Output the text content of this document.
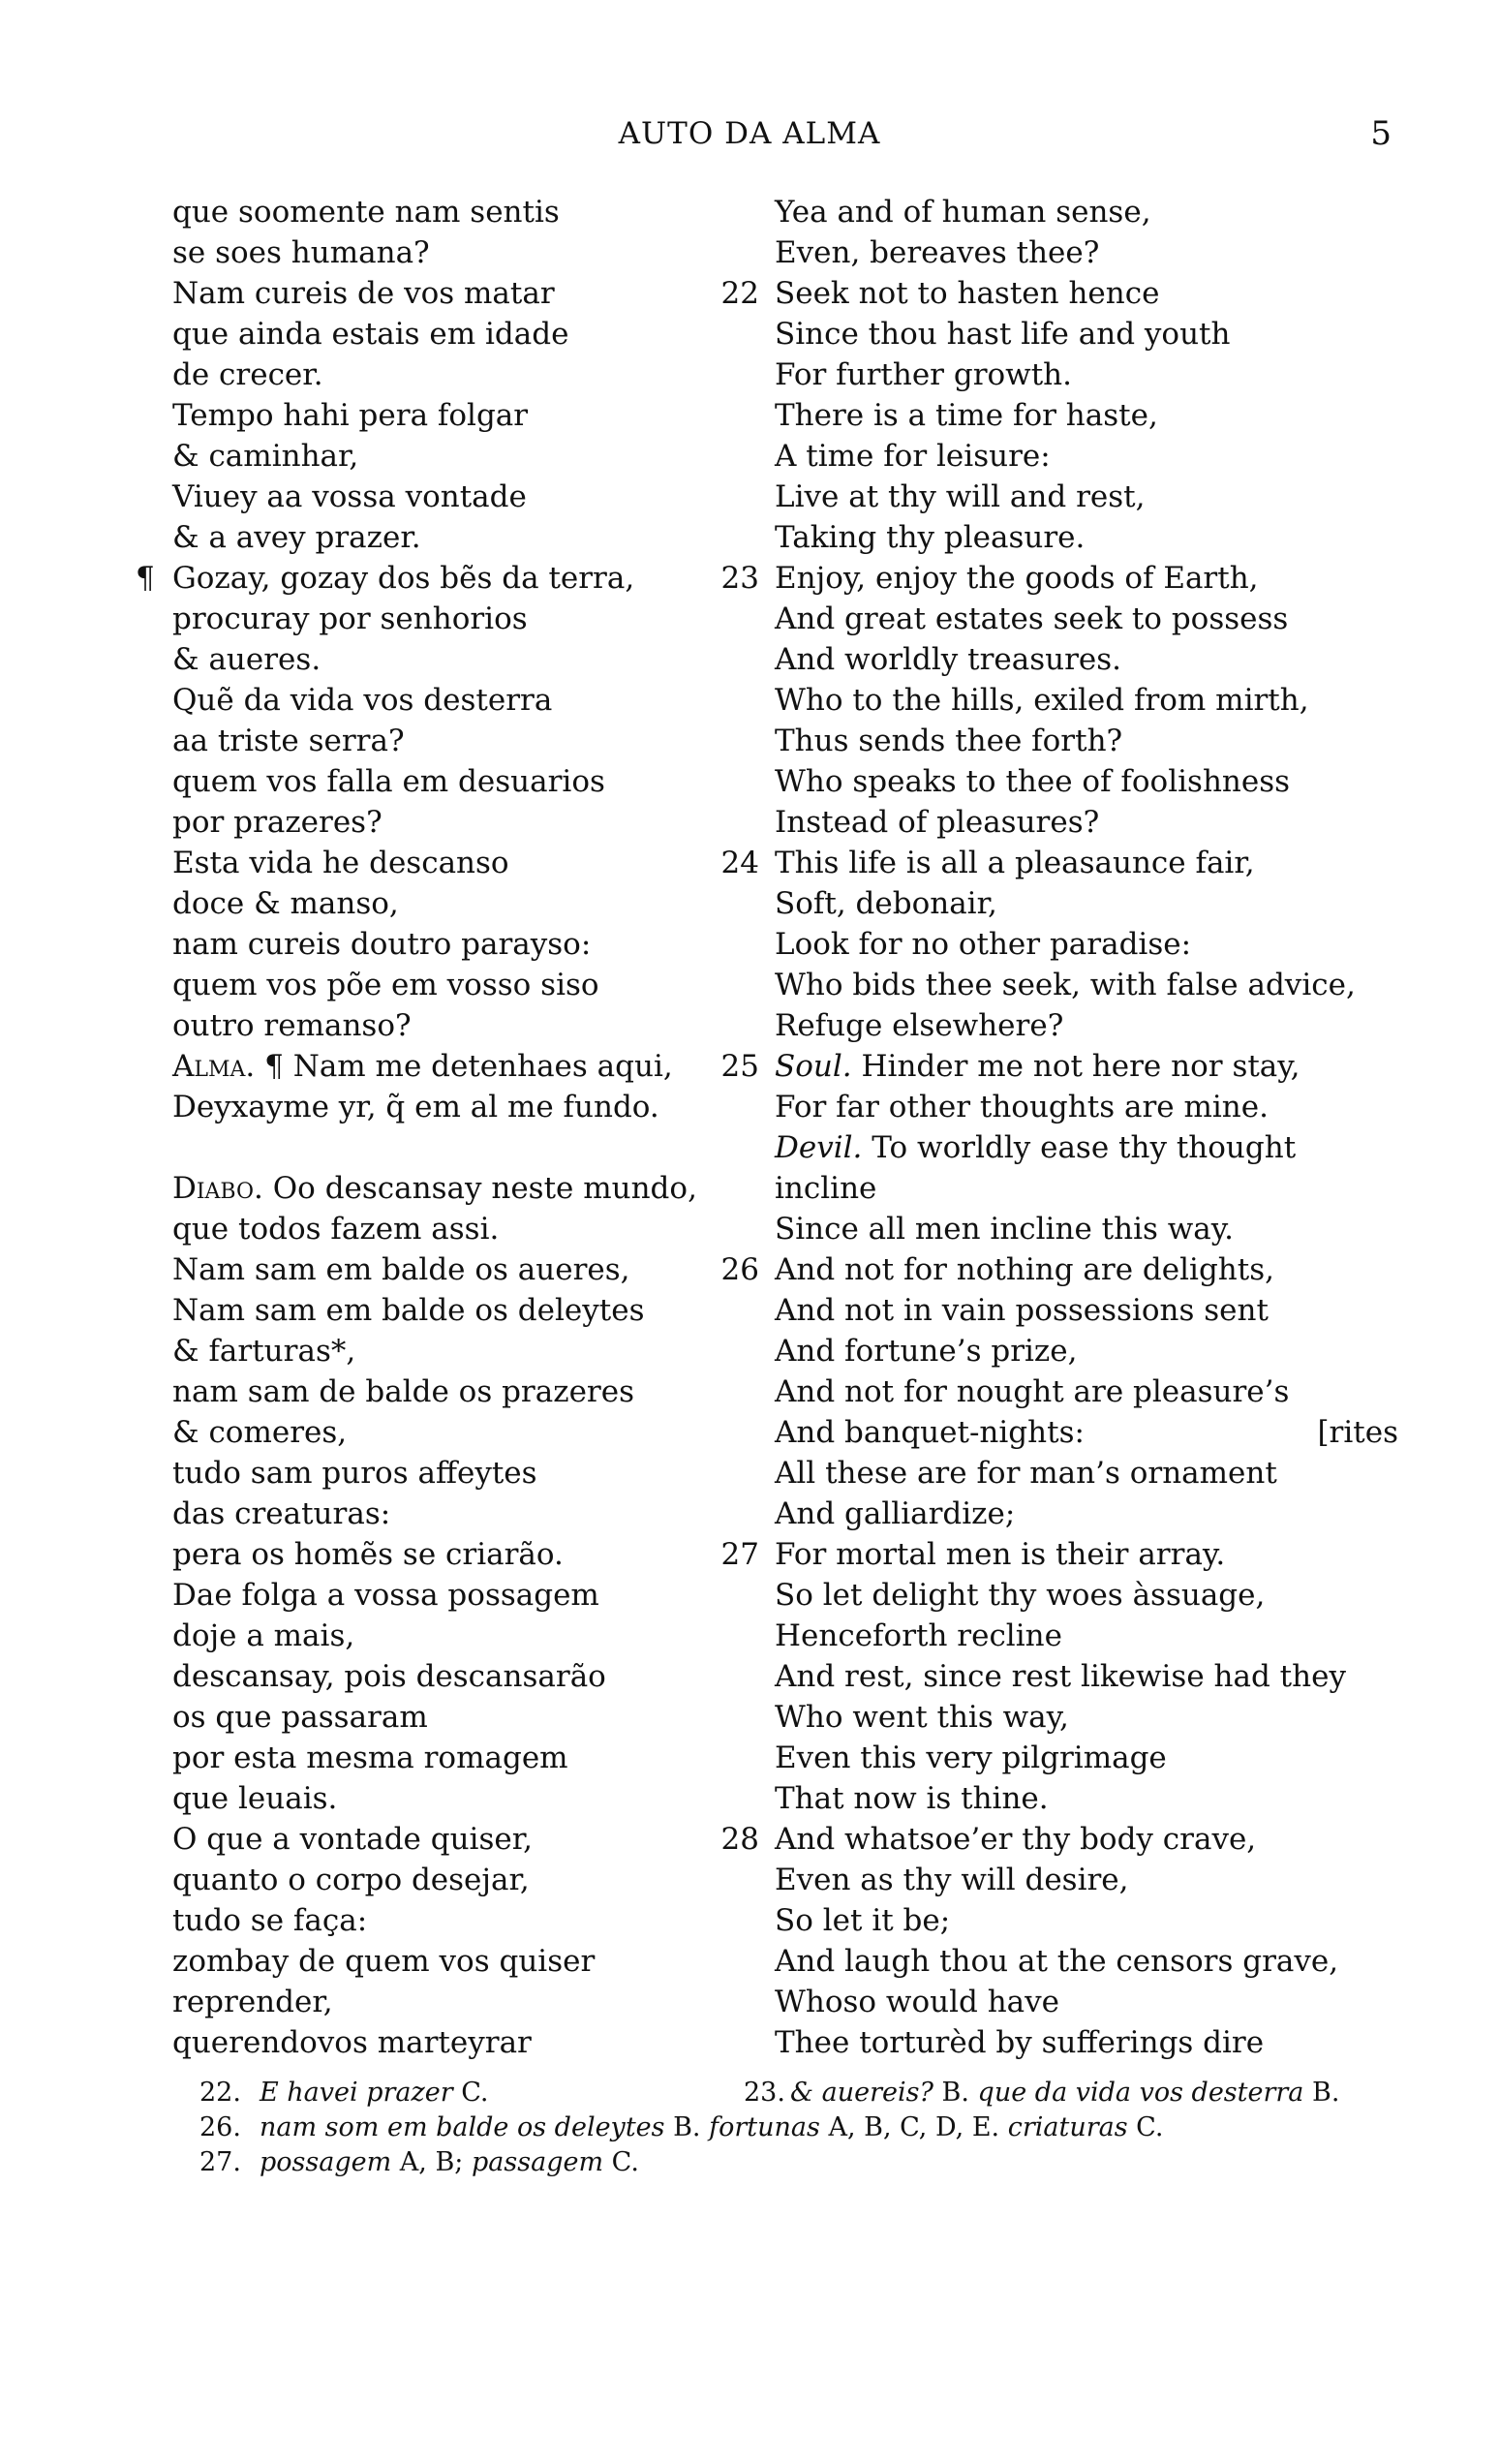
AUTO DA ALMA	5
que soomente nam sentis
se soes humana?
Nam cureis de vos matar
que ainda estais em idade
de crecer.
Tempo hahi pera folgar
& caminhar,
Viuey aa vossa vontade
& a avey prazer.
¶ Gozay, gozay dos bẽs da terra,
procuray por senhorios
& aueres.
Quẽ da vida vos desterra
aa triste serra?
quem vos falla em desuarios
por prazeres?
Esta vida he descanso
doce & manso,
nam cureis doutro parayso:
quem vos põe em vosso siso
outro remanso?
Alma. ¶ Nam me detenhaes aqui,
Deyxayme yr, q̃ em al me fundo.
Diabo. Oo descansay neste mundo,
que todos fazem assi.
Nam sam em balde os aueres,
Nam sam em balde os deleytes
& farturas*,
nam sam de balde os prazeres
& comeres,
tudo sam puros affeytes
das creaturas:
pera os homẽs se criarão.
Dae folga a vossa possagem
doje a mais,
descansay, pois descansarão
os que passaram
por esta mesma romagem
que leuais.
O que a vontade quiser,
quanto o corpo desejar,
tudo se faça:
zombay de quem vos quiser
reprender,
querendovos marteyrar
Yea and of human sense,
Even, bereaves thee?
22 Seek not to hasten hence
Since thou hast life and youth
For further growth.
There is a time for haste,
A time for leisure:
Live at thy will and rest,
Taking thy pleasure.
23 Enjoy, enjoy the goods of Earth,
And great estates seek to possess
And worldly treasures.
Who to the hills, exiled from mirth,
Thus sends thee forth?
Who speaks to thee of foolishness
Instead of pleasures?
24 This life is all a pleasaunce fair,
Soft, debonair,
Look for no other paradise:
Who bids thee seek, with false advice,
Refuge elsewhere?
25 Soul. Hinder me not here nor stay,
For far other thoughts are mine.
Devil. To worldly ease thy thought
incline
Since all men incline this way.
26 And not for nothing are delights,
And not in vain possessions sent
And fortune’s prize,
And not for nought are pleasure’s
And banquet-nights:	[rites
All these are for man’s ornament
And galliardize;
27 For mortal men is their array.
So let delight thy woes àssuage,
Henceforth recline
And rest, since rest likewise had they
Who went this way,
Even this very pilgrimage
That now is thine.
28 And whatsoe’er thy body crave,
Even as thy will desire,
So let it be;
And laugh thou at the censors grave,
Whoso would have
Thee torturèd by sufferings dire
22. E havei prazer C.	23. & auereis? B. que da vida vos desterra B.
26. nam som em balde os deleytes B. fortunas A, B, C, D, E. criaturas C.
27. possagem A, B; passagem C.
